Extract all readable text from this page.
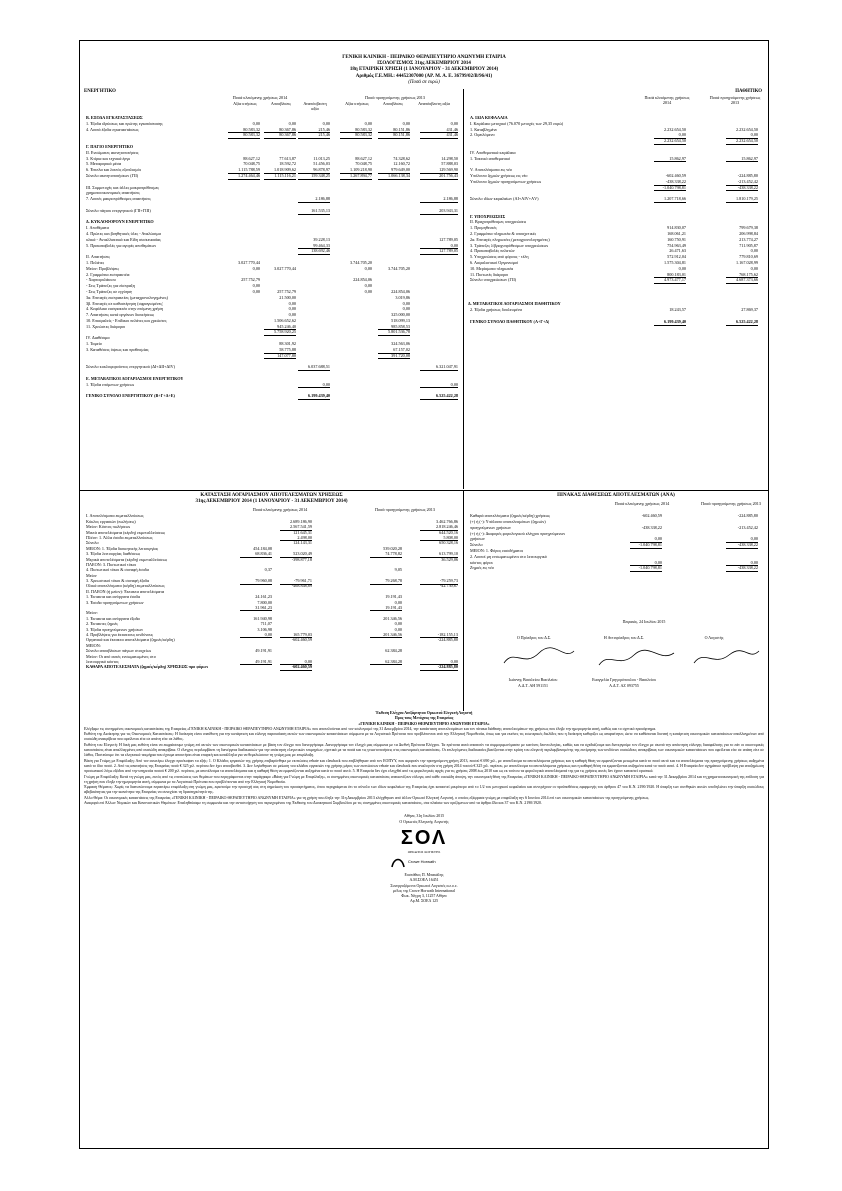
ΓΕΝΙΚΗ ΚΛΙΝΙΚΗ - ΠΕΙΡΑΙΚΟ ΘΕΡΑΠΕΥΤΗΡΙΟ ΑΝΩΝΥΜΗ ΕΤΑΙΡΙΑ
ΙΣΟΛΟΓΙΣΜΟΣ 31ης ΔΕΚΕΜΒΡΙΟΥ 2014
18η ΕΤΑΙΡΙΚΗ ΧΡΗΣΗ (1 ΙΑΝΟΥΑΡΙΟΥ - 31 ΔΕΚΕΜΒΡΙΟΥ 2014)
Αριθμός Γ.Ε.ΜΗ.: 44452307000 (ΑΡ. Μ. Α. Ε. 36799/02/Β/96/41)
(Ποσά σε ευρώ)
ΕΝΕΡΓΗΤΙΚΟ
Ποσά κλειόμενης χρήσεως 2014	Ποσά προηγούμενης χρήσεως 2013
Αξία κτήσεως	Αποσβέσεις	Αναπόσβεστη αξία
Αξία κτήσεως	Αποσβέσεις	Αναπόσβεστη αξία
Β. ΕΞΟΔΑ ΕΓΚΑΤΑΣΤΑΣΕΩΣ
1. Έξοδα ιδρύσεως και πρώτης εγκατάστασης	0,00	0,00	0,00	0,00	0,00	0,00
4. Λοιπά έξοδα εγκαταστάσεως	80.583,32	80.367,86	215,46	80.583,32	80.151,86	431,46
80.583,32	80.367,86	215,46	80.583,32	80.151,86	431,46
Γ. ΠΑΓΙΟ ΕΝΕΡΓΗΤΙΚΟ
II. Ενσώματες ακινητοποιήσεις
3. Κτίρια και τεχνικά έργα	88.627,12	77.613,87	11.013,25	88.627,12	74.328,62	14.298,50
5. Μεταφορικά μέσα	70.048,75	18.592,72	51.456,03	70.048,75	12.160,72	57.888,03
6. Έπιπλα και λοιπός εξοπλισμός	1.115.788,59	1.018.909,62	96.878,97	1.109.218,90	979.649,00	129.569,90
Σύνολο ακινητοποιήσεων (ΓΙΙ)	1.274.464,46	1.115.116,21	159.348,25	1.267.894,77	1.066.138,34	201.756,43
III. Συμμετοχές και άλλες μακροπρόθεσμες
χρηματοοικονομικές απαιτήσεις
7. Λοιπές μακροπρόθεσμες απαιτήσεις	2.186,88	2.186,88
Σύνολο πάγιου ενεργητικού (ΓΙΙ+ΓΙΙΙ)	161.535,13	203.943,31
Δ. ΚΥΚΛΟΦΟΡΟΥΝ ΕΝΕΡΓΗΤΙΚΟ
I. Αποθέματα
4. Πρώτες και βοηθητικές ύλες - Αναλώσιμα
υλικά - Ανταλλακτικά και Είδη συσκευασίας	39.228,13	127.789,05
5. Προκαταβολές για αγορές αποθεμάτων	99.464,33	0,00
138.692,46	127.789,05
II. Απαιτήσεις
1. Πελάτες	3.027.770,44	3.744.705,20
Μείον: Προβλέψεις	0,00	3.027.770,44	0,00	3.744.705,20
2. Γραμμάτια εισπρακτέα:
- Χαρτοφυλάκιου	257.752,79	224.854,06
- Στις Τράπεζες για είσπραξη	0,00	0,00
- Στις Τράπεζες σε εγγύηση	0,00	257.752,79	0,00	224.854,06
3α. Επιταγές εισπρακτέες (μεταχρονολογημένες)	21.500,00	3.019,86
3β. Επιταγές σε καθυστέρηση (σφραγισμένες)	0,00	0,00
4. Κεφάλαιο εισπρακτέο στην επόμενη χρήση	0,00	0,00
7. Απαιτήσεις κατά οργάνων διοικήσεως	0,00	325.000,00
10. Επισφαλείς - Επίδικοι πελάτες και χρεώστες	1.506.652,62	518.099,13
11. Χρεώστες διάφοροι	945.246,40	985.858,53
5.758.920,25	5.801.536,78
IV. Διαθέσιμα
1. Ταμείο	88.301,92	324.563,06
3. Καταθέσεις όψεως και προθεσμίας	58.775,88	67.157,02
147.077,80	391.720,08
Σύνολο κυκλοφορούντος ενεργητικού (ΔΙ+ΔΙΙ+ΔΙV)	6.037.688,51	6.321.047,91
Ε. ΜΕΤΑΒΑΤΙΚΟΙ ΛΟΓΑΡΙΑΣΜΟΙ ΕΝΕΡΓΗΤΙΚΟΥ
1. Έξοδα επόμενων χρήσεων	0,00	0,00
ΓΕΝΙΚΟ ΣΥΝΟΛΟ ΕΝΕΡΓΗΤΙΚΟΥ (Β+Γ+Δ+Ε)	6.199.439,40	6.525.422,28
ΠΑΘΗΤΙΚΟ
Ποσά κλειόμενης χρήσεως 2014
Ποσά προηγούμενης χρήσεως 2013
Α. ΙΔΙΑ ΚΕΦΑΛΑΙΑ
Ι. Κεφάλαιο μετοχικό (76.070 μετοχές των 29,35 ευρώ)
1. Καταβλημένο	2.232.654,50	2.232.654,50
2. Οφειλόμενο	0,00	0,00
2.232.654,50	2.232.654,50
IV. Αποθεματικά κεφάλαια
1. Τακτικό αποθεματικό	15.862,97	15.862,97
V. Αποτελέσματα εις νέο
Υπόλοιπο ζημιών χρήσεως εις νέο	-602.460,59	-224.885,80
Υπόλοιπο ζημιών προηγούμενων χρήσεων	-438.338,22	-213.452,42
-1.040.798,81	-438.338,22
Σύνολο ιδίων κεφαλαίων (ΑΙ+ΑΙV+ΑV)	1.207.718,66	1.810.179,25
Γ. ΥΠΟΧΡΕΩΣΕΙΣ
II. Βραχυπρόθεσμες υποχρεώσεις
1. Προμηθευτές	914.830,07	799.679,38
2. Γραμμάτια πληρωτέα & υποσχετικές	168.061,21	206.998,84
2α. Επιταγές πληρωτέες (μεταχρονολογημένες)	160.750,91	213.774,27
3. Τράπεζες λ/βραχυπρόθεσμων υποχρεώσεων	754.963,49	711.905,87
4. Προκαταβολές πελατών	26.471,63	0,00
5. Υποχρεώσεις από φόρους - τέλη	572.912,04	779.810,69
6. Ασφαλιστικοί Οργανισμοί	1.575.304,81	1.167.028,99
10. Μερίσματα πληρωτέα	0,00	0,00
11. Πιστωτές διάφοροι	800.183,01	768.175,62
Σύνολο υποχρεώσεων (ΓΙΙ)	4.973.477,17	4.687.373,66
Δ. ΜΕΤΑΒΑΤΙΚΟΙ ΛΟΓΑΡΙΑΣΜΟΙ ΠΑΘΗΤΙΚΟΥ
2. Έξοδα χρήσεως δουλευμένα	18.243,57	27.869,37
ΓΕΝΙΚΟ ΣΥΝΟΛΟ ΠΑΘΗΤΙΚΟΥ (Α+Γ+Δ)	6.199.439,40	6.525.422,28
ΚΑΤΑΣΤΑΣΗ ΛΟΓΑΡΙΑΣΜΟΥ ΑΠΟΤΕΛΕΣΜΑΤΩΝ ΧΡΗΣΕΩΣ
31ης ΔΕΚΕΜΒΡΙΟΥ 2014 (1 ΙΑΝΟΥΑΡΙΟΥ - 31 ΔΕΚΕΜΒΡΙΟΥ 2014)
Ποσά κλειόμενης χρήσεως 2014	Ποσά προηγούμενης χρήσεως 2013
I. Αποτελέσματα εκμεταλλεύσεως
Κύκλος εργασιών (πωλήσεις)	2.689.186,90	3.462.766,86
Μείον: Κόστος πωλήσεων	2.567.541,59	2.818.246,46
Μικτά αποτελέσματα (κέρδη) εκμεταλλεύσεως	121.645,31	644.520,16
Πλέον: 1. Άλλα έσοδα εκμεταλλεύσεως	2.498,00	5.808,00
Σύνολο	124.143,31	650.328,16
ΜΕΙΟΝ: 1. Έξοδα διοικητικής λειτουργίας	454.184,08	539.020,28
3. Έξοδα λειτουργίας διαθέσεως	68.836,41	523.020,49	74.778,82	613.799,10
Μερικά αποτελέσματα (κέρδη) εκμεταλλεύσεως	-398.877,18	36.529,06
ΠΛΕΟΝ: 3. Πιστωτικοί τόκοι
4. Πιστωτικοί τόκοι & συναφή έσοδα	0,37	9,05
Μείον
3. Χρεωστικοί τόκοι & συναφή έξοδα	79.960,08	-79.961,71	79.268,78	-79.259,73
Ολικά αποτελέσματα (κέρδη) εκμεταλλεύσεως	-468.848,89	-42.730,67
II. ΠΛΕΟΝ (ή μείον): Έκτακτα αποτελέσματα
1. Έκτακτα και ανόργανα έσοδα	24.161,23	19.191,43
3. Έσοδα προηγούμενων χρήσεων	7.800,00	0,00
31.961,23	19.191,43
Μείον:
1. Έκτακτα και ανόργανα έξοδα	161.940,98	201.346,56
2. Έκτακτες ζημιές	711,07	0,00
3. Έξοδα προηγούμενων χρήσεων	3.106,98	0,00
4. Προβλέψεις για έκτακτους κινδύνους	0,00	165.779,03	201.346,56	-182.155,13
Οργανικά και έκτακτα αποτελέσματα (ζημιές/κέρδη)	-602.460,59	-224.885,80
ΜΕΙΟΝ:
Σύνολο αποσβέσεων πάγιων στοιχείων	49.191,91	62.384,28
Μείον: Οι από αυτές ενσωματωμένες στο
λειτουργικό κόστος	49.191,91	0,00	62.384,28	0,00
ΚΑΘΑΡΑ ΑΠΟΤΕΛΕΣΜΑΤΑ (ζημιές/κέρδη) ΧΡΗΣΕΩΣ προ φόρων	-602.460,59	-224.885,80
ΠΙΝΑΚΑΣ ΔΙΑΘΕΣΕΩΣ ΑΠΟΤΕΛΕΣΜΑΤΩΝ (ΑΝΑ)
Ποσά κλειόμενης χρήσεως 2014	Ποσά προηγούμενης χρήσεως 2013
Καθαρά αποτελέσματα (ζημιές/κέρδη) χρήσεως	-602.460,59	-224.885,80
(+) ή (-): Υπόλοιπο αποτελεσμάτων (ζημιών)
προηγούμενων χρήσεων	-438.338,22	-213.452,42
(+) ή (-): Διαφορές φορολογικού ελέγχου προηγούμενων
χρήσεων	0,00	0,00
Σύνολο	-1.040.798,81	-438.338,22
ΜΕΙΟΝ: 1. Φόρος εισοδήματος
2. Λοιποί μη ενσωματωμένοι στο λειτουργικό
κόστος φόροι	0,00	0,00
Ζημιές εις νέο	-1.040.798,81	-438.338,22
Πειραιάς, 24 Ιουλίου 2015
Ο Πρόεδρος του Δ.Σ.	Η Αντιπρόεδρος του Δ.Σ.	Ο Λογιστής
Ιωάννης Βασιλείου Βασιλείου
Α.Δ.Τ. ΑΗ 591151
Ευαγγελία Γρηγορόπουλου - Βασιλείου
Α.Δ.Τ. ΑΖ 093755

Έκθεση Ελέγχου Ανεξάρτητου Ορκωτού Ελεγκτή Λογιστή

Προς τους Μετόχους της Εταιρείας

«ΓΕΝΙΚΗ ΚΛΙΝΙΚΗ - ΠΕΙΡΑΙΚΟ ΘΕΡΑΠΕΥΤΗΡΙΟ ΑΝΩΝΥΜΗ ΕΤΑΙΡΙΑ»

Ελέγξαμε τις συνημμένες οικονομικές καταστάσεις της Εταιρείας «ΓΕΝΙΚΗ ΚΛΙΝΙΚΗ - ΠΕΙΡΑΙΚΟ ΘΕΡΑΠΕΥΤΗΡΙΟ ΑΝΩΝΥΜΗ ΕΤΑΙΡΙΑ» που αποτελούνται από τον ισολογισμό της 31 Δεκεμβρίου 2014, την κατάσταση αποτελεσμάτων και τον πίνακα διάθεσης αποτελεσμάτων της χρήσεως που έληξε την ημερομηνία αυτή, καθώς και το σχετικό προσάρτημα.

Ευθύνη της Διοίκησης για τις Οικονομικές Καταστάσεις: Η διοίκηση είναι υπεύθυνη για την κατάρτιση και εύλογη παρουσίαση αυτών των οικονομικών καταστάσεων σύμφωνα με τα Λογιστικά Πρότυπα που προβλέπονται από την Ελληνική Νομοθεσία, όπως και για εκείνες τις εσωτερικές δικλίδες που η διοίκηση καθορίζει ως απαραίτητες ώστε να καθίσταται δυνατή η κατάρτιση οικονομικών καταστάσεων απαλλαγμένων από ουσιώδη ανακρίβεια που οφείλεται είτε σε απάτη είτε σε λάθος.

Ευθύνη του Ελεγκτή: Η δική μας ευθύνη είναι να εκφράσουμε γνώμη επί αυτών των οικονομικών καταστάσεων με βάση τον έλεγχο που διενεργήσαμε. Διενεργήσαμε τον έλεγχό μας σύμφωνα με τα Διεθνή Πρότυπα Ελέγχου. Τα πρότυπα αυτά απαιτούν να συμμορφωνόμαστε με κανόνες δεοντολογίας, καθώς και να σχεδιάζουμε και διενεργούμε τον έλεγχο με σκοπό την απόκτηση εύλογης διασφάλισης για το εάν οι οικονομικές καταστάσεις είναι απαλλαγμένες από ουσιώδη ανακρίβεια. Ο έλεγχος περιλαμβάνει τη διενέργεια διαδικασιών για την απόκτηση ελεγκτικών τεκμηρίων, σχετικά με τα ποσά και τις γνωστοποιήσεις στις οικονομικές καταστάσεις. Οι επιλεγόμενες διαδικασίες βασίζονται στην κρίση του ελεγκτή περιλαμβανομένης της εκτίμησης των κινδύνων ουσιώδους ανακρίβειας των οικονομικών καταστάσεων που οφείλεται είτε σε απάτη είτε σε λάθος. Πιστεύουμε ότι τα ελεγκτικά τεκμήρια που έχουμε αποκτήσει είναι επαρκή και κατάλληλα για να θεμελιώσουν τη γνώμη μας με επιφύλαξη.

Βάση για Γνώμη με Επιφύλαξη: Από τον ανωτέρω έλεγχο προέκυψαν τα εξής: 1. Ο Κλάδος εργασιών της χρήσης επιβαρύνθηκε με εκπτώσεις rebate και clawback που επιβλήθηκαν από τον ΕΟΠΥΥ, που αφορούν την προηγούμενη χρήση 2013, ποσού € 690 χιλ., με αποτέλεσμα τα αποτελέσματα χρήσεως και η καθαρή θέση να εμφανίζονται μειωμένα κατά το ποσό αυτό και τα αποτελέσματα της προηγούμενης χρήσεως αυξημένα κατά το ίδιο ποσό. 2. Από τις απαιτήσεις της Εταιρείας ποσό € 325 χιλ. περίπου δεν έχει αποσβεσθεί. 3. Δεν λογίσθηκαν σε μείωση του κλάδου εργασιών της χρήσης μέρος των εκπτώσεων rebate και clawback που αναλογούν στη χρήση 2014 ποσού € 325 χιλ. περίπου, με αποτέλεσμα τα αποτελέσματα χρήσεως και η καθαρή θέση να εμφανίζονται αυξημένα κατά το ποσό αυτό. 4. Η Εταιρεία δεν σχημάτισε πρόβλεψη για αποζημίωση προσωπικού λόγω εξόδου από την υπηρεσία ποσού € 200 χιλ. περίπου, με αποτέλεσμα τα αποτελέσματα και η καθαρή θέση να εμφανίζονται αυξημένα κατά το ποσό αυτό. 5. Η Εταιρεία δεν έχει ελεγχθεί από τις φορολογικές αρχές για τις χρήσεις 2008 έως 2010 και ως εκ τούτου τα φορολογικά αποτελέσματά της για τις χρήσεις αυτές δεν έχουν καταστεί οριστικά.

Γνώμη με Επιφύλαξη: Κατά τη γνώμη μας, εκτός από τις επιπτώσεις των θεμάτων που περιγράφονται στην παράγραφο «Βάση για Γνώμη με Επιφύλαξη», οι συνημμένες οικονομικές καταστάσεις απεικονίζουν εύλογα, από κάθε ουσιώδη άποψη, την οικονομική θέση της Εταιρείας «ΓΕΝΙΚΗ ΚΛΙΝΙΚΗ - ΠΕΙΡΑΙΚΟ ΘΕΡΑΠΕΥΤΗΡΙΟ ΑΝΩΝΥΜΗ ΕΤΑΙΡΙΑ» κατά την 31 Δεκεμβρίου 2014 και τη χρηματοοικονομική της επίδοση για τη χρήση που έληξε την ημερομηνία αυτή, σύμφωνα με τα Λογιστικά Πρότυπα που προβλέπονται από την Ελληνική Νομοθεσία.

Έμφαση Θέματος: Χωρίς να διατυπώνουμε περαιτέρω επιφύλαξη στη γνώμη μας, εφιστούμε την προσοχή σας στη σημείωση του προσαρτήματος, όπου περιγράφεται ότι το σύνολο των ιδίων κεφαλαίων της Εταιρείας έχει καταστεί μικρότερο από το 1/2 του μετοχικού κεφαλαίου και συντρέχουν οι προϋποθέσεις εφαρμογής του άρθρου 47 του Κ.Ν. 2190/1920. Η ύπαρξη των συνθηκών αυτών υποδηλώνει την ύπαρξη ουσιώδους αβεβαιότητας για την ικανότητα της Εταιρείας να συνεχίσει τη δραστηριότητά της.

Άλλο Θέμα: Οι οικονομικές καταστάσεις της Εταιρείας «ΓΕΝΙΚΗ ΚΛΙΝΙΚΗ - ΠΕΙΡΑΙΚΟ ΘΕΡΑΠΕΥΤΗΡΙΟ ΑΝΩΝΥΜΗ ΕΤΑΙΡΙΑ» για τη χρήση που έληξε την 31η Δεκεμβρίου 2013 ελέγχθηκαν από άλλον Ορκωτό Ελεγκτή Λογιστή, ο οποίος εξέφρασε γνώμη με επιφύλαξη την 6 Ιουνίου 2014 επί των οικονομικών καταστάσεων της προηγούμενης χρήσεως.

Αναφορά επί Άλλων Νομικών και Κανονιστικών Θεμάτων: Επαληθεύσαμε τη συμφωνία και την αντιστοίχηση του περιεχομένου της Έκθεσης του Διοικητικού Συμβουλίου με τις συνημμένες οικονομικές καταστάσεις, στα πλαίσια των οριζόμενων από τα άρθρα 43α και 37 του Κ.Ν. 2190/1920.

Αθήνα, 31η Ιουλίου 2015

Ο Ορκωτός Ελεγκτής Λογιστής

ΣΟΛ
ΟΡΚΩΤΟΙ ΛΟΓΙΣΤΕΣ
Crowe Horwath

Ευστάθιος Π. Μπακάλης

Α.Μ.ΣΟΕΛ 16451

Συνεργαζόμενοι Ορκωτοί Λογιστές α.ε.ο.ε.

μέλος της Crowe Horwath International

Φωκ. Νέγρη 3, 11257 Αθήνα

Αρ.Μ. ΣΟΕΛ 125
